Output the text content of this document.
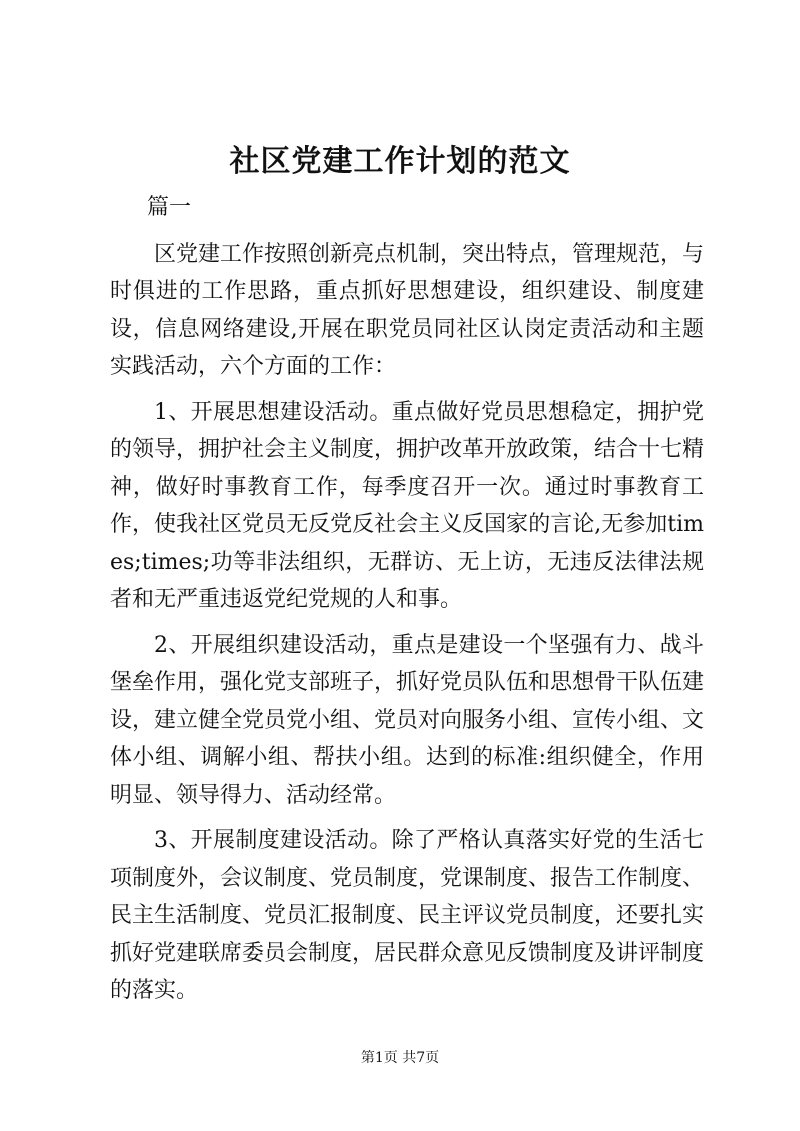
社区党建工作计划的范文

篇一

区党建工作按照创新亮点机制，突出特点，管理规范，与时俱进的工作思路，重点抓好思想建设，组织建设、制度建设，信息网络建设,开展在职党员同社区认岗定责活动和主题实践活动，六个方面的工作：

1、开展思想建设活动。重点做好党员思想稳定，拥护党的领导，拥护社会主义制度，拥护改革开放政策，结合十七精神，做好时事教育工作，每季度召开一次。通过时事教育工作，使我社区党员无反党反社会主义反国家的言论,无参加times;times;功等非法组织，无群访、无上访，无违反法律法规者和无严重违返党纪党规的人和事。

2、开展组织建设活动，重点是建设一个坚强有力、战斗堡垒作用，强化党支部班子，抓好党员队伍和思想骨干队伍建设，建立健全党员党小组、党员对向服务小组、宣传小组、文体小组、调解小组、帮扶小组。达到的标准:组织健全，作用明显、领导得力、活动经常。

3、开展制度建设活动。除了严格认真落实好党的生活七项制度外，会议制度、党员制度，党课制度、报告工作制度、民主生活制度、党员汇报制度、民主评议党员制度，还要扎实抓好党建联席委员会制度，居民群众意见反馈制度及讲评制度的落实。

第1页 共7页
